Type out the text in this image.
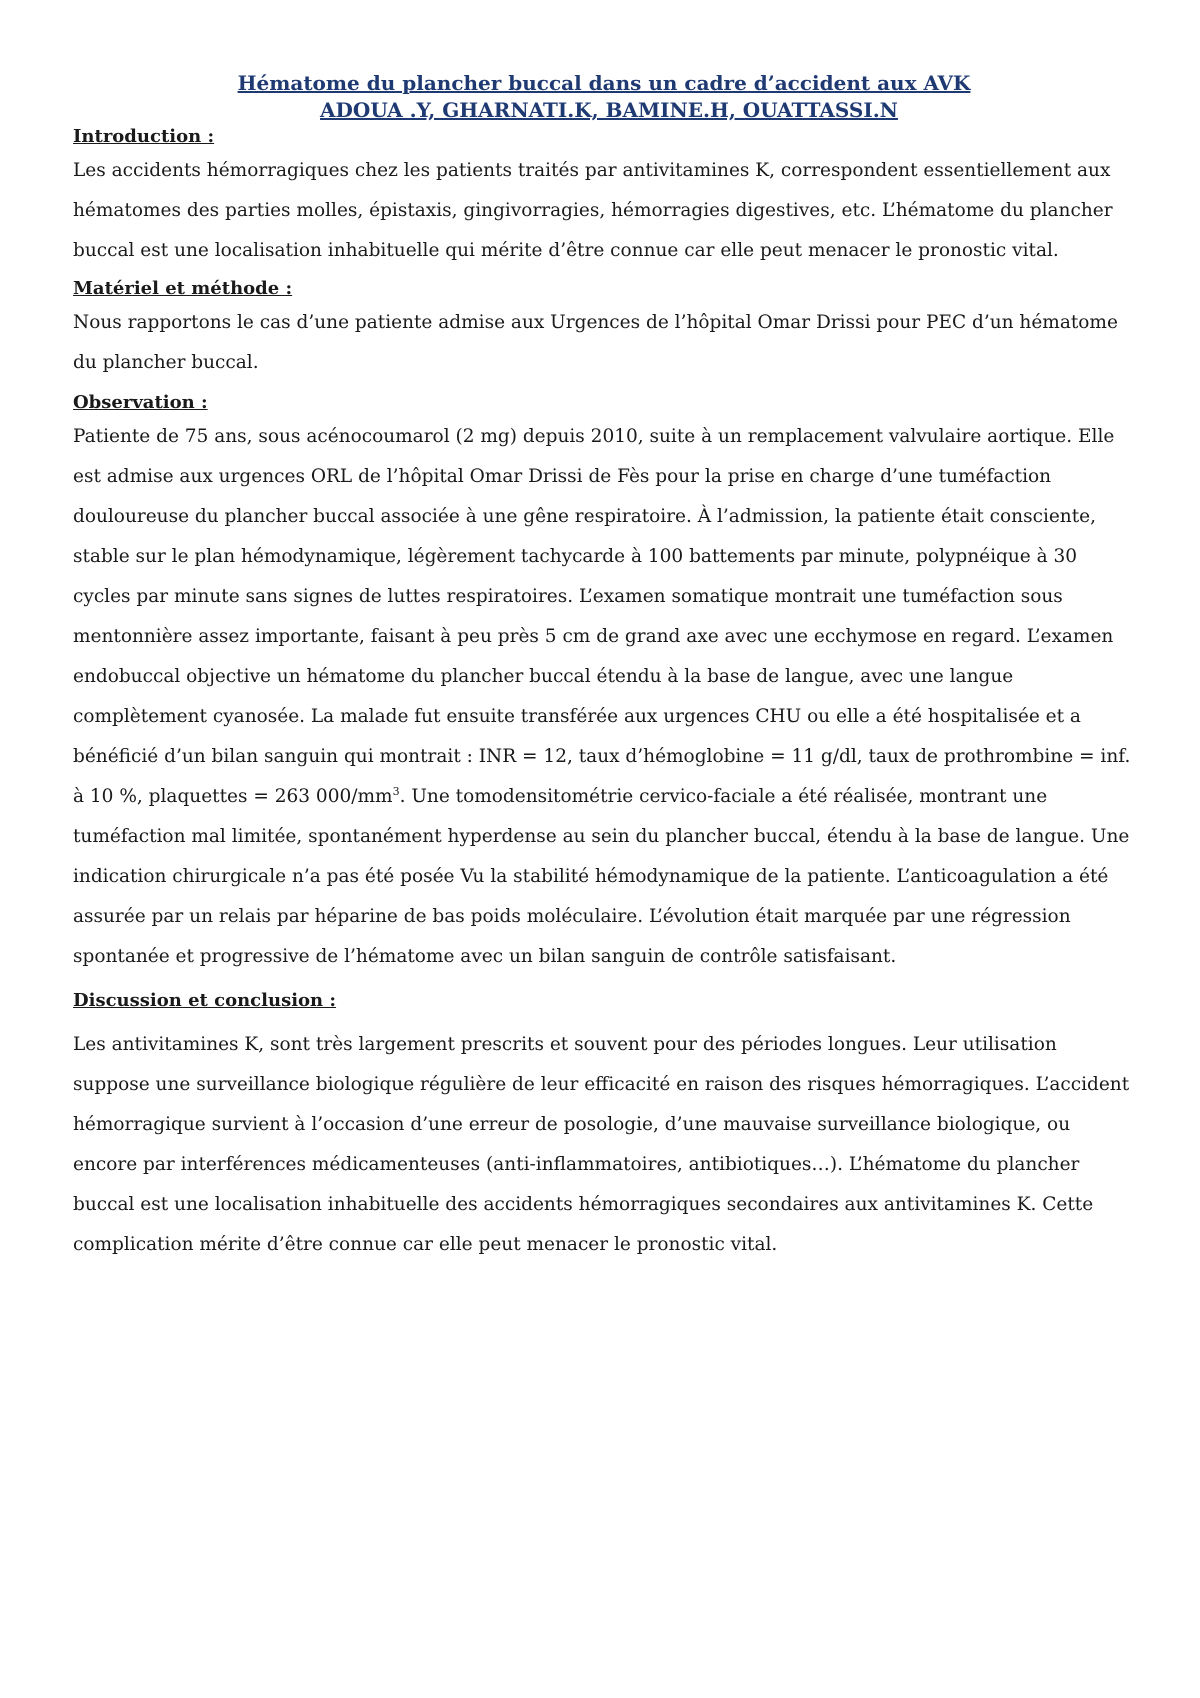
Hématome du plancher buccal dans un cadre d’accident aux AVK
ADOUA .Y, GHARNATI.K, BAMINE.H, OUATTASSI.N
Introduction :

Les accidents hémorragiques chez les patients traités par antivitamines K, correspondent essentiellement aux hématomes des parties molles, épistaxis, gingivorragies, hémorragies digestives, etc. L’hématome du plancher buccal est une localisation inhabituelle qui mérite d’être connue car elle peut menacer le pronostic vital.

Matériel et méthode :

Nous rapportons le cas d’une patiente admise aux Urgences de l’hôpital Omar Drissi pour PEC d’un hématome du plancher buccal.

Observation :

Patiente de 75 ans, sous acénocoumarol (2 mg) depuis 2010, suite à un remplacement valvulaire aortique. Elle est admise aux urgences ORL de l’hôpital Omar Drissi de Fès pour la prise en charge d’une tuméfaction douloureuse du plancher buccal associée à une gêne respiratoire. À l’admission, la patiente était consciente, stable sur le plan hémodynamique, légèrement tachycarde à 100 battements par minute, polypnéique à 30 cycles par minute sans signes de luttes respiratoires. L’examen somatique montrait une tuméfaction sous mentonnière assez importante, faisant à peu près 5 cm de grand axe avec une ecchymose en regard. L’examen endobuccal objective un hématome du plancher buccal étendu à la base de langue, avec une langue complètement cyanosée. La malade fut ensuite transférée aux urgences CHU ou elle a été hospitalisée et a bénéficié d’un bilan sanguin qui montrait : INR = 12, taux d’hémoglobine = 11 g/dl, taux de prothrombine = inf. à 10 %, plaquettes = 263 $000/mm^3$. Une tomodensitométrie cervico-faciale a été réalisée, montrant une tuméfaction mal limitée, spontanément hyperdense au sein du plancher buccal, étendu à la base de langue. Une indication chirurgicale n’a pas été posée Vu la stabilité hémodynamique de la patiente. L’anticoagulation a été assurée par un relais par héparine de bas poids moléculaire. L’évolution était marquée par une régression spontanée et progressive de l’hématome avec un bilan sanguin de contrôle satisfaisant.

Discussion et conclusion :

Les antivitamines K, sont très largement prescrits et souvent pour des périodes longues. Leur utilisation suppose une surveillance biologique régulière de leur efficacité en raison des risques hémorragiques. L’accident hémorragique survient à l’occasion d’une erreur de posologie, d’une mauvaise surveillance biologique, ou encore par interférences médicamenteuses (anti-inflammatoires, antibiotiques…). L’hématome du plancher buccal est une localisation inhabituelle des accidents hémorragiques secondaires aux antivitamines K. Cette complication mérite d’être connue car elle peut menacer le pronostic vital.
